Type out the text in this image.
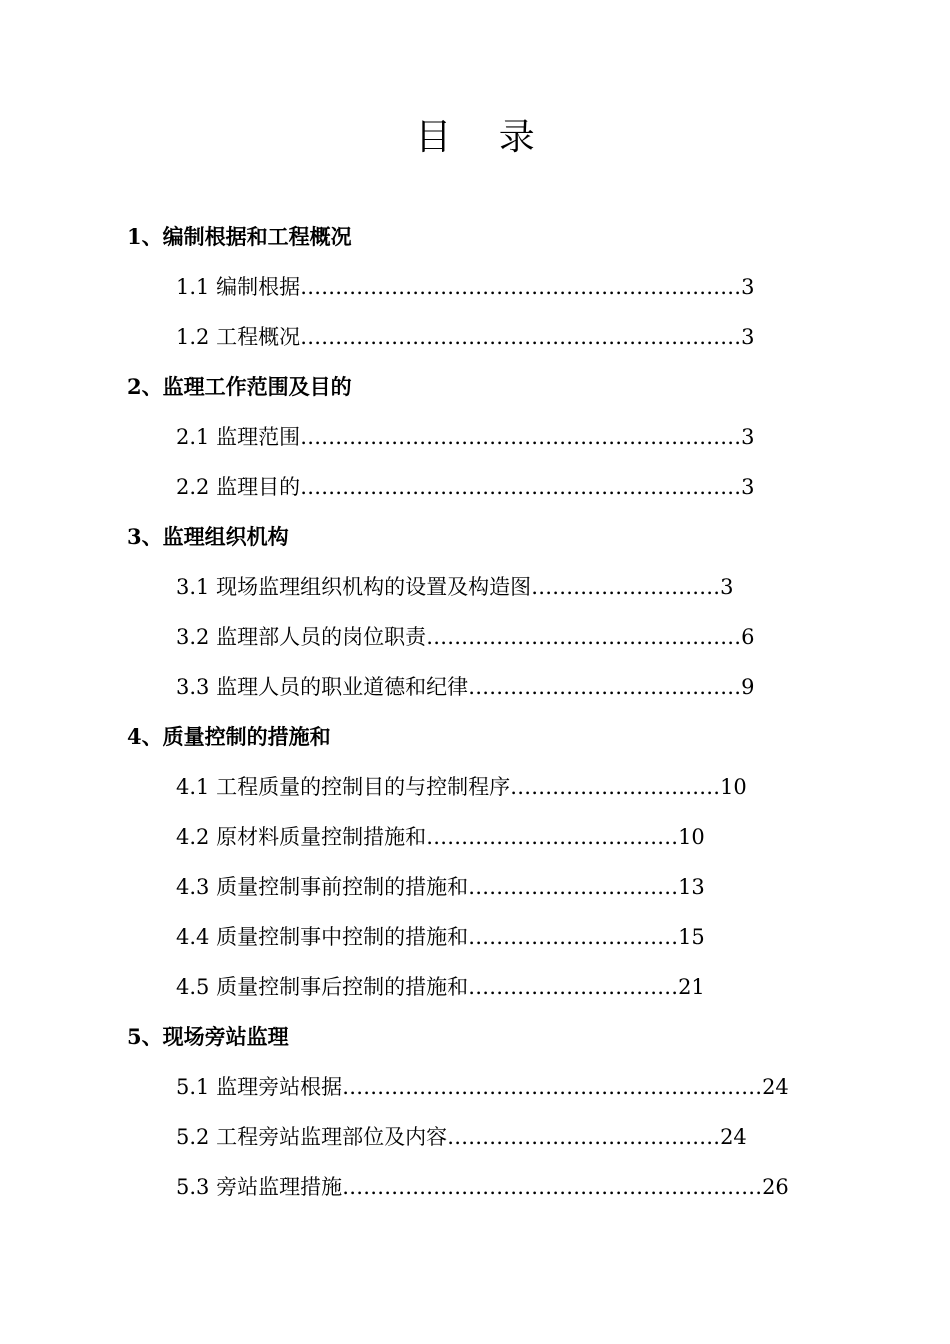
目 录
1、编制根据和工程概况
1.1 编制根据………………………………………………………3
1.2 工程概况………………………………………………………3
2、监理工作范围及目的
2.1 监理范围………………………………………………………3
2.2 监理目的………………………………………………………3
3、监理组织机构
3.1 现场监理组织机构的设置及构造图………………………3
3.2 监理部人员的岗位职责………………………………………6
3.3 监理人员的职业道德和纪律…………………………………9
4、质量控制的措施和
4.1 工程质量的控制目的与控制程序…………………………10
4.2 原材料质量控制措施和………………………………10
4.3 质量控制事前控制的措施和…………………………13
4.4 质量控制事中控制的措施和…………………………15
4.5 质量控制事后控制的措施和…………………………21
5、现场旁站监理
5.1 监理旁站根据……………………………………………………24
5.2 工程旁站监理部位及内容…………………………………24
5.3 旁站监理措施……………………………………………………26
